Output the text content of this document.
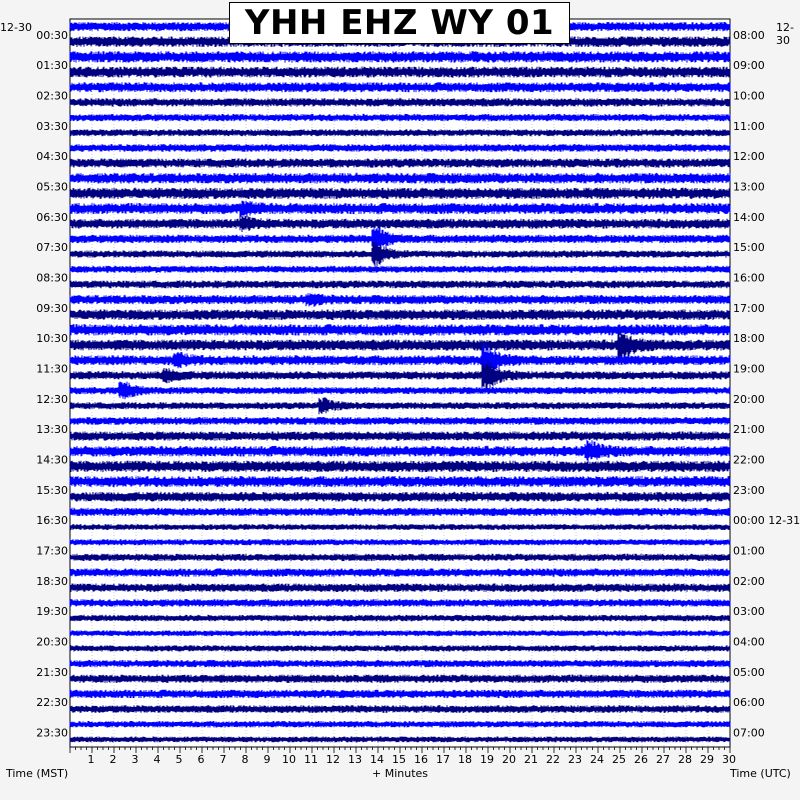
00:30
01:30
02:30
03:30
04:30
05:30
06:30
07:30
08:30
09:30
10:30
11:30
12:30
13:30
14:30
15:30
16:30
17:30
18:30
19:30
20:30
21:30
22:30
23:30
08:00
09:00
10:00
11:00
12:00
13:00
14:00
15:00
16:00
17:00
18:00
19:00
20:00
21:00
22:00
23:00
00:00 12-31
01:00
02:00
03:00
04:00
05:00
06:00
07:00
1 2 3 4 5 6 7 8 9 10 11 12 13 14 15 16 17 18 19 20 21 22 23 24 25 26 27 28 29 30
YHH EHZ WY 01
12-30	12-30
Time (MST)	+ Minutes	Time (UTC)
